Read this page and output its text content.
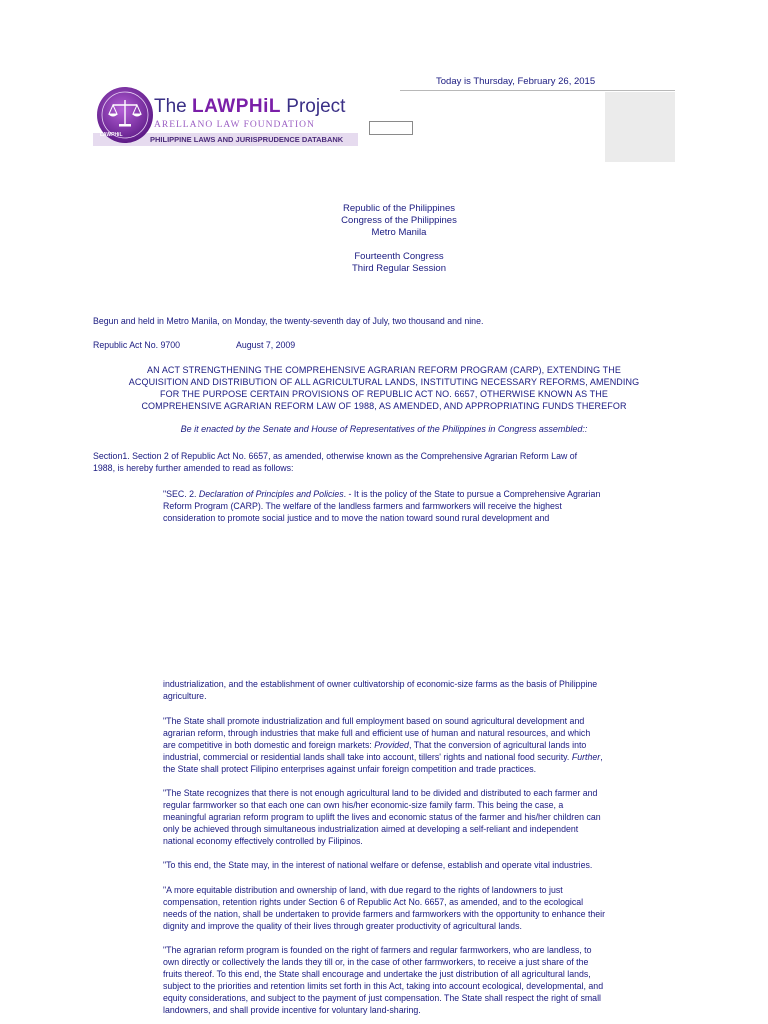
Today is Thursday, February 26, 2015
LAWPHiL
The LAWPHiL Project
ARELLANO LAW FOUNDATION
PHILIPPINE LAWS AND JURISPRUDENCE DATABANK
Republic of the Philippines
Congress of the Philippines
Metro Manila
Fourteenth Congress
Third Regular Session
Begun and held in Metro Manila, on Monday, the twenty-seventh day of July, two thousand and nine.
Republic Act No. 9700	August 7, 2009
AN ACT STRENGTHENING THE COMPREHENSIVE AGRARIAN REFORM PROGRAM (CARP), EXTENDING THE
ACQUISITION AND DISTRIBUTION OF ALL AGRICULTURAL LANDS, INSTITUTING NECESSARY REFORMS, AMENDING
FOR THE PURPOSE CERTAIN PROVISIONS OF REPUBLIC ACT NO. 6657, OTHERWISE KNOWN AS THE
COMPREHENSIVE AGRARIAN REFORM LAW OF 1988, AS AMENDED, AND APPROPRIATING FUNDS THEREFOR
Be it enacted by the Senate and House of Representatives of the Philippines in Congress assembled::
Section1. Section 2 of Republic Act No. 6657, as amended, otherwise known as the Comprehensive Agrarian Reform Law of
1988, is hereby further amended to read as follows:
"SEC. 2. Declaration of Principles and Policies. - It is the policy of the State to pursue a Comprehensive Agrarian
Reform Program (CARP). The welfare of the landless farmers and farmworkers will receive the highest
consideration to promote social justice and to move the nation toward sound rural development and
industrialization, and the establishment of owner cultivatorship of economic-size farms as the basis of Philippine
agriculture.
"The State shall promote industrialization and full employment based on sound agricultural development and
agrarian reform, through industries that make full and efficient use of human and natural resources, and which
are competitive in both domestic and foreign markets: Provided, That the conversion of agricultural lands into
industrial, commercial or residential lands shall take into account, tillers' rights and national food security. Further,
the State shall protect Filipino enterprises against unfair foreign competition and trade practices.
"The State recognizes that there is not enough agricultural land to be divided and distributed to each farmer and
regular farmworker so that each one can own his/her economic-size family farm. This being the case, a
meaningful agrarian reform program to uplift the lives and economic status of the farmer and his/her children can
only be achieved through simultaneous industrialization aimed at developing a self-reliant and independent
national economy effectively controlled by Filipinos.
"To this end, the State may, in the interest of national welfare or defense, establish and operate vital industries.
"A more equitable distribution and ownership of land, with due regard to the rights of landowners to just
compensation, retention rights under Section 6 of Republic Act No. 6657, as amended, and to the ecological
needs of the nation, shall be undertaken to provide farmers and farmworkers with the opportunity to enhance their
dignity and improve the quality of their lives through greater productivity of agricultural lands.
"The agrarian reform program is founded on the right of farmers and regular farmworkers, who are landless, to
own directly or collectively the lands they till or, in the case of other farmworkers, to receive a just share of the
fruits thereof. To this end, the State shall encourage and undertake the just distribution of all agricultural lands,
subject to the priorities and retention limits set forth in this Act, taking into account ecological, developmental, and
equity considerations, and subject to the payment of just compensation. The State shall respect the right of small
landowners, and shall provide incentive for voluntary land-sharing.
